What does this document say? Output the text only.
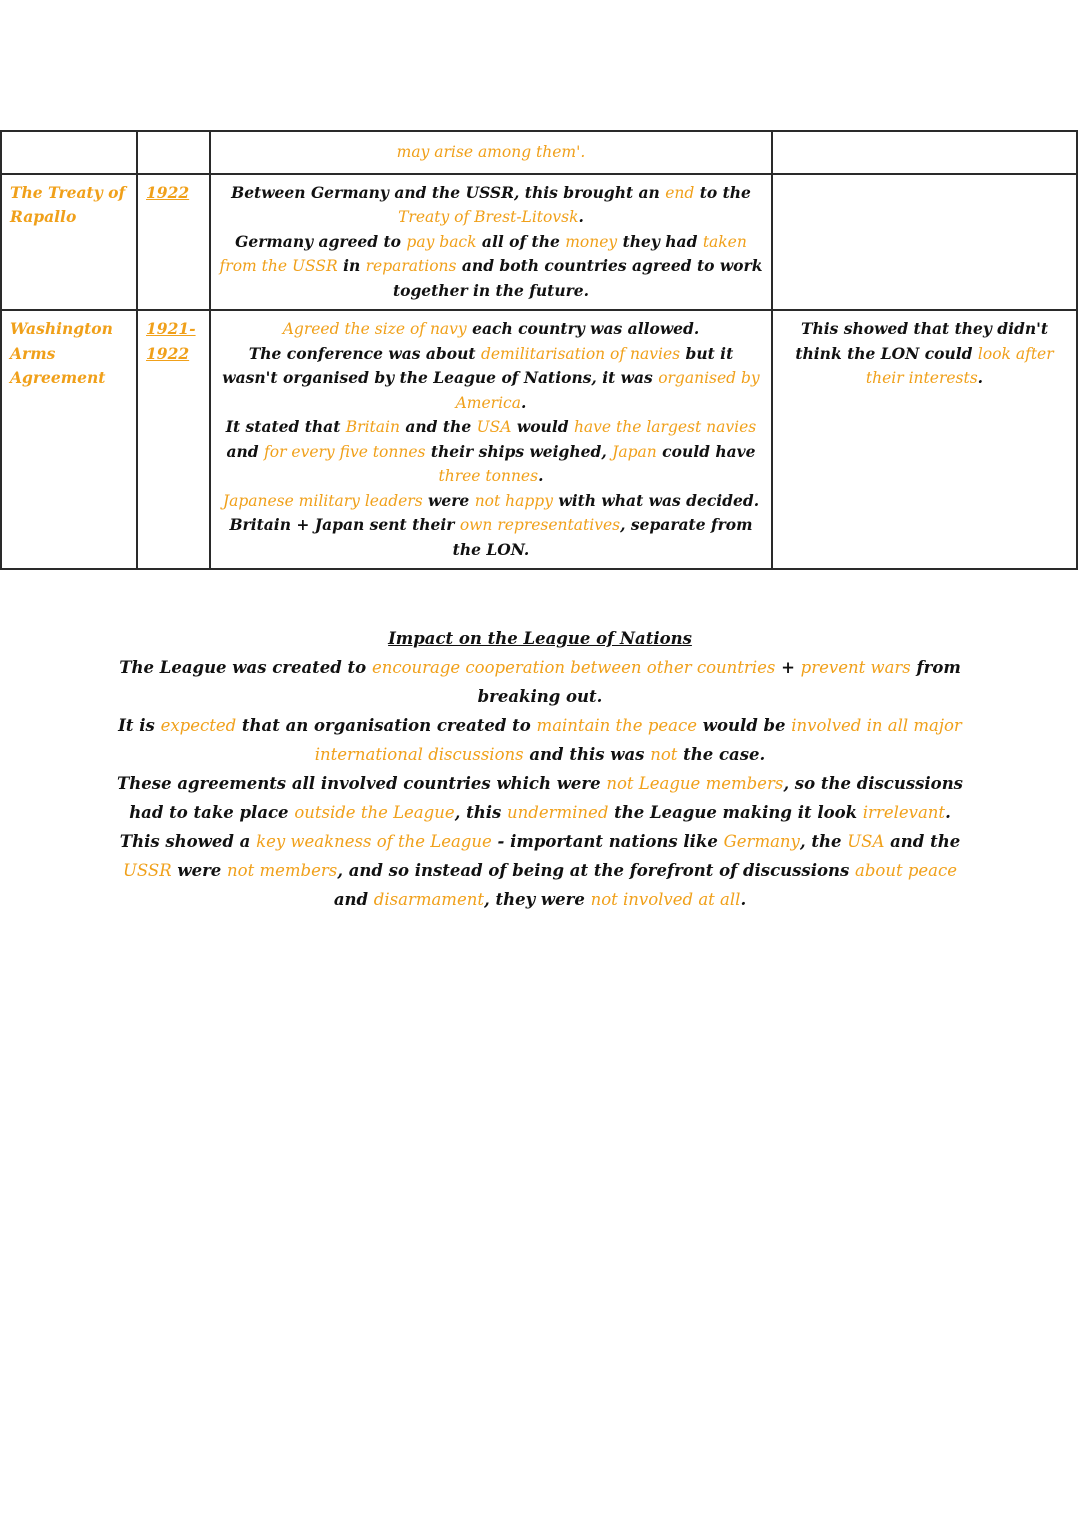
		may arise among them'.	
The Treaty of Rapallo	1922	Between Germany and the USSR, this brought an end to the Treaty of Brest-Litovsk.
Germany agreed to pay back all of the money they had taken from the USSR in reparations and both countries agreed to work together in the future.	
Washington Arms Agreement	1921-1922	Agreed the size of navy each country was allowed.
The conference was about demilitarisation of navies but it wasn't organised by the League of Nations, it was organised by America.
It stated that Britain and the USA would have the largest navies and for every five tonnes their ships weighed, Japan could have three tonnes.
Japanese military leaders were not happy with what was decided.
Britain + Japan sent their own representatives, separate from the LON.	This showed that they didn't think the LON could look after their interests.
Impact on the League of Nations
The League was created to encourage cooperation between other countries + prevent wars from breaking out.
It is expected that an organisation created to maintain the peace would be involved in all major international discussions and this was not the case.
These agreements all involved countries which were not League members, so the discussions had to take place outside the League, this undermined the League making it look irrelevant.
This showed a key weakness of the League - important nations like Germany, the USA and the USSR were not members, and so instead of being at the forefront of discussions about peace and disarmament, they were not involved at all.
